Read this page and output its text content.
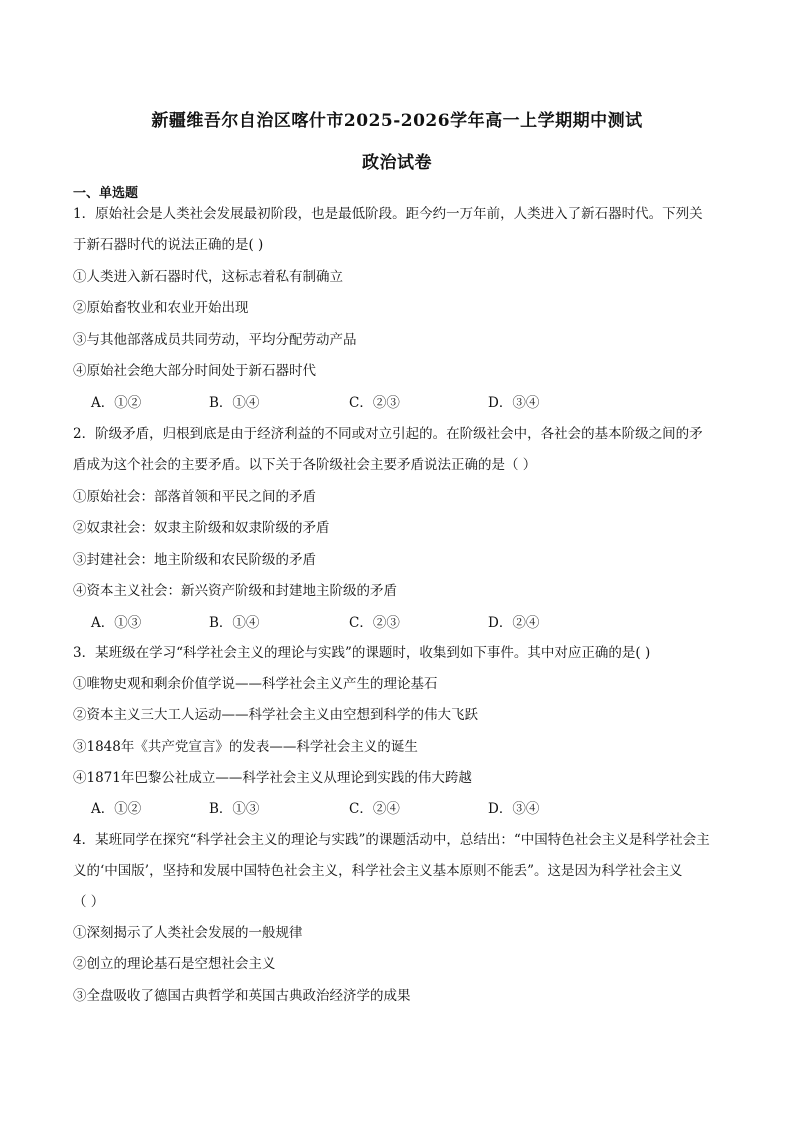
新疆维吾尔自治区喀什市2025-2026学年高一上学期期中测试
政治试卷
一、单选题
1．原始社会是人类社会发展最初阶段，也是最低阶段。距今约一万年前，人类进入了新石器时代。下列关
于新石器时代的说法正确的是( )
①人类进入新石器时代，这标志着私有制确立
②原始畜牧业和农业开始出现
③与其他部落成员共同劳动，平均分配劳动产品
④原始社会绝大部分时间处于新石器时代
A．①②	B．①④	C．②③	D．③④
2．阶级矛盾，归根到底是由于经济利益的不同或对立引起的。在阶级社会中，各社会的基本阶级之间的矛
盾成为这个社会的主要矛盾。以下关于各阶级社会主要矛盾说法正确的是（ ）
①原始社会：部落首领和平民之间的矛盾
②奴隶社会：奴隶主阶级和奴隶阶级的矛盾
③封建社会：地主阶级和农民阶级的矛盾
④资本主义社会：新兴资产阶级和封建地主阶级的矛盾
A．①③	B．①④	C．②③	D．②④
3．某班级在学习“科学社会主义的理论与实践”的课题时，收集到如下事件。其中对应正确的是( )
①唯物史观和剩余价值学说——科学社会主义产生的理论基石
②资本主义三大工人运动——科学社会主义由空想到科学的伟大飞跃
③1848年《共产党宣言》的发表——科学社会主义的诞生
④1871年巴黎公社成立——科学社会主义从理论到实践的伟大跨越
A．①②	B．①③	C．②④	D．③④
4．某班同学在探究“科学社会主义的理论与实践”的课题活动中，总结出：“中国特色社会主义是科学社会主
义的‘中国版’，坚持和发展中国特色社会主义，科学社会主义基本原则不能丢”。这是因为科学社会主义
（ ）
①深刻揭示了人类社会发展的一般规律
②创立的理论基石是空想社会主义
③全盘吸收了德国古典哲学和英国古典政治经济学的成果
